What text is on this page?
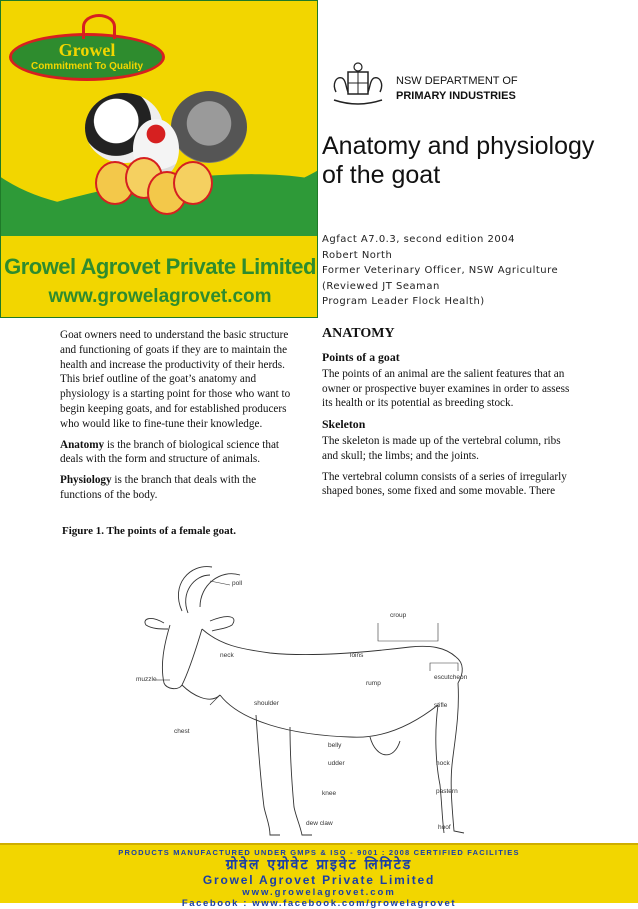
Growel
Commitment To Quality
Growel Agrovet Private Limited
www.growelagrovet.com
NSW DEPARTMENT OF
PRIMARY INDUSTRIES
Anatomy and physiology of the goat
Agfact A7.0.3, second edition 2004
Robert North
Former Veterinary Officer, NSW Agriculture
(Reviewed JT Seaman
Program Leader Flock Health)

Goat owners need to understand the basic structure and functioning of goats if they are to maintain the health and increase the productivity of their herds. This brief outline of the goat’s anatomy and physiology is a starting point for those who want to begin keeping goats, and for established producers who would like to fine-tune their knowledge.

Anatomy is the branch of biological science that deals with the form and structure of animals.

Physiology is the branch that deals with the functions of the body.

ANATOMY
Points of a goat

The points of an animal are the salient features that an owner or prospective buyer examines in order to assess its health or its potential as breeding stock.

Skeleton

The skeleton is made up of the vertebral column, ribs and skull; the limbs; and the joints.

The vertebral column consists of a series of irregularly shaped bones, some fixed and some movable. There

Figure 1. The points of a female goat.
poll
croup
neck	loins
muzzle
rump
escutcheon
stifle
shoulder
chest
belly
udder	hock
knee	pastern
dew claw
hoof
PRODUCTS MANUFACTURED UNDER GMPS & ISO - 9001 : 2008 CERTIFIED FACILITIES
ग्रोवेल एग्रोवेट प्राइवेट लिमिटेड
Growel Agrovet Private Limited
www.growelagrovet.com
Facebook : www.facebook.com/growelagrovet
